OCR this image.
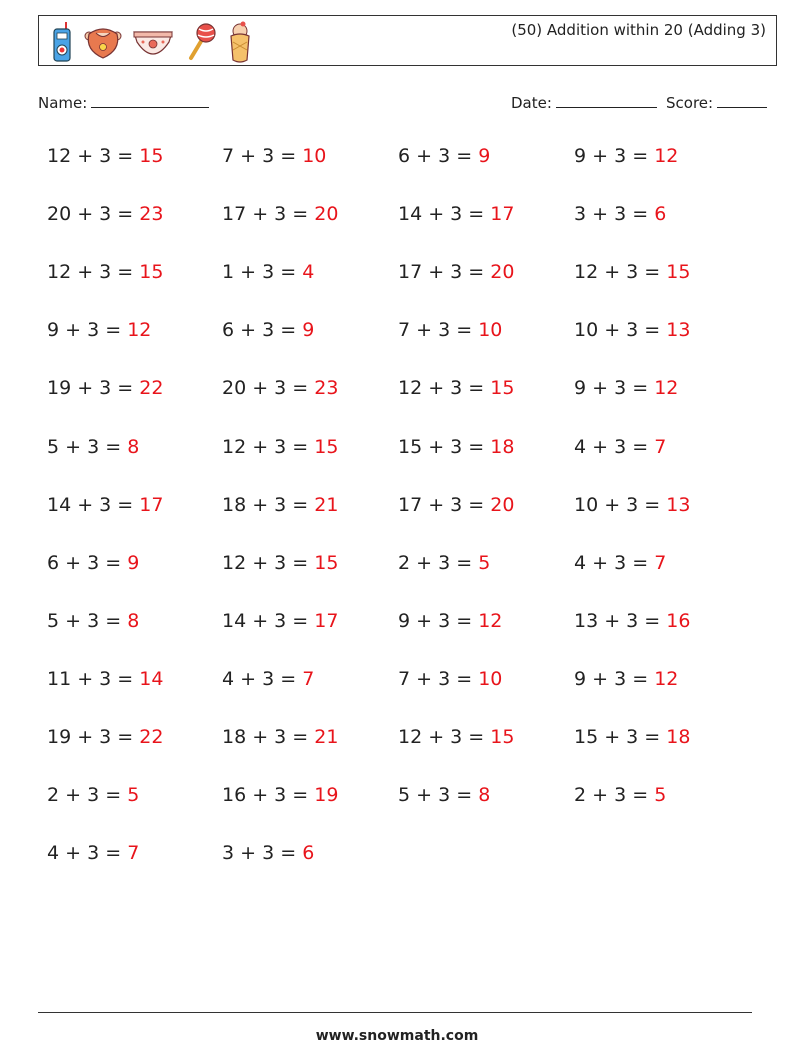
(50) Addition within 20 (Adding 3)
Name:	Date:	Score:
12 + 3 = 15	7 + 3 = 10	6 + 3 = 9	9 + 3 = 12
20 + 3 = 23	17 + 3 = 20	14 + 3 = 17	3 + 3 = 6
12 + 3 = 15	1 + 3 = 4	17 + 3 = 20	12 + 3 = 15
9 + 3 = 12	6 + 3 = 9	7 + 3 = 10	10 + 3 = 13
19 + 3 = 22	20 + 3 = 23	12 + 3 = 15	9 + 3 = 12
5 + 3 = 8	12 + 3 = 15	15 + 3 = 18	4 + 3 = 7
14 + 3 = 17	18 + 3 = 21	17 + 3 = 20	10 + 3 = 13
6 + 3 = 9	12 + 3 = 15	2 + 3 = 5	4 + 3 = 7
5 + 3 = 8	14 + 3 = 17	9 + 3 = 12	13 + 3 = 16
11 + 3 = 14	4 + 3 = 7	7 + 3 = 10	9 + 3 = 12
19 + 3 = 22	18 + 3 = 21	12 + 3 = 15	15 + 3 = 18
2 + 3 = 5	16 + 3 = 19	5 + 3 = 8	2 + 3 = 5
4 + 3 = 7	3 + 3 = 6
www.snowmath.com
